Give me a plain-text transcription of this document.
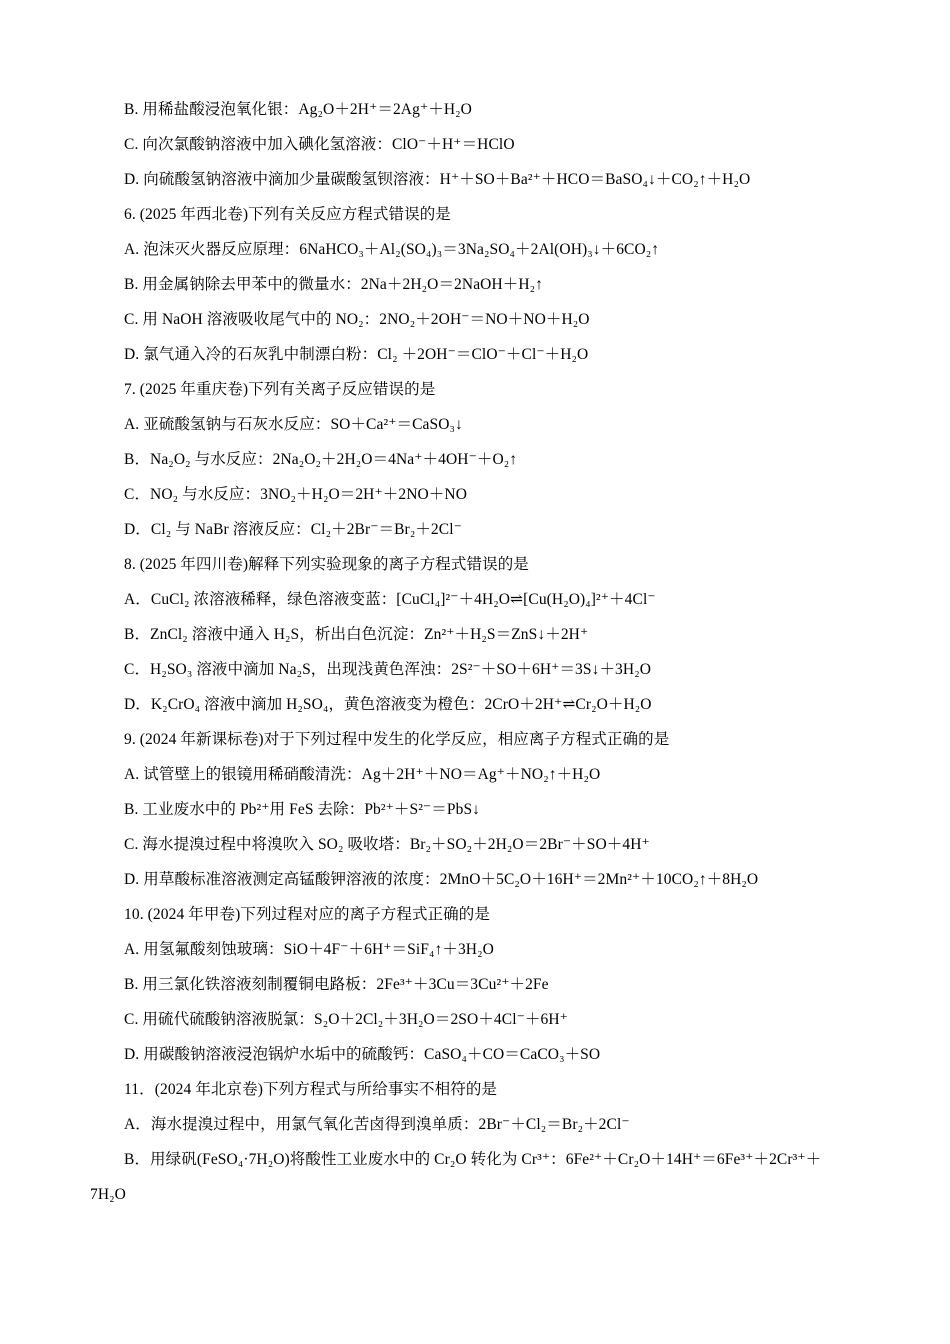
B. 用稀盐酸浸泡氧化银：Ag₂O＋2H⁺＝2Ag⁺＋H₂O
C. 向次氯酸钠溶液中加入碘化氢溶液：ClO⁻＋H⁺＝HClO
D. 向硫酸氢钠溶液中滴加少量碳酸氢钡溶液：H⁺＋SO＋Ba²⁺＋HCO＝BaSO₄↓＋CO₂↑＋H₂O
6. (2025 年西北卷)下列有关反应方程式错误的是
A. 泡沫灭火器反应原理：6NaHCO₃＋Al₂(SO₄)₃＝3Na₂SO₄＋2Al(OH)₃↓＋6CO₂↑
B. 用金属钠除去甲苯中的微量水：2Na＋2H₂O＝2NaOH＋H₂↑
C. 用 NaOH 溶液吸收尾气中的 NO₂：2NO₂＋2OH⁻＝NO＋NO＋H₂O
D. 氯气通入冷的石灰乳中制漂白粉：Cl₂ ＋2OH⁻＝ClO⁻＋Cl⁻＋H₂O
7. (2025 年重庆卷)下列有关离子反应错误的是
A. 亚硫酸氢钠与石灰水反应：SO＋Ca²⁺＝CaSO₃↓
B．Na₂O₂ 与水反应：2Na₂O₂＋2H₂O＝4Na⁺＋4OH⁻＋O₂↑
C．NO₂ 与水反应：3NO₂＋H₂O＝2H⁺＋2NO＋NO
D．Cl₂ 与 NaBr 溶液反应：Cl₂＋2Br⁻＝Br₂＋2Cl⁻
8. (2025 年四川卷)解释下列实验现象的离子方程式错误的是
A．CuCl₂ 浓溶液稀释，绿色溶液变蓝：[CuCl₄]²⁻＋4H₂O⇌[Cu(H₂O)₄]²⁺＋4Cl⁻
B．ZnCl₂ 溶液中通入 H₂S，析出白色沉淀：Zn²⁺＋H₂S＝ZnS↓＋2H⁺
C．H₂SO₃ 溶液中滴加 Na₂S，出现浅黄色浑浊：2S²⁻＋SO＋6H⁺＝3S↓＋3H₂O
D．K₂CrO₄ 溶液中滴加 H₂SO₄，黄色溶液变为橙色：2CrO＋2H⁺⇌Cr₂O＋H₂O
9. (2024 年新课标卷)对于下列过程中发生的化学反应，相应离子方程式正确的是
A. 试管壁上的银镜用稀硝酸清洗：Ag＋2H⁺＋NO＝Ag⁺＋NO₂↑＋H₂O
B. 工业废水中的 Pb²⁺用 FeS 去除：Pb²⁺＋S²⁻＝PbS↓
C. 海水提溴过程中将溴吹入 SO₂ 吸收塔：Br₂＋SO₂＋2H₂O＝2Br⁻＋SO＋4H⁺
D. 用草酸标准溶液测定高锰酸钾溶液的浓度：2MnO＋5C₂O＋16H⁺＝2Mn²⁺＋10CO₂↑＋8H₂O
10. (2024 年甲卷)下列过程对应的离子方程式正确的是
A. 用氢氟酸刻蚀玻璃：SiO＋4F⁻＋6H⁺＝SiF₄↑＋3H₂O
B. 用三氯化铁溶液刻制覆铜电路板：2Fe³⁺＋3Cu＝3Cu²⁺＋2Fe
C. 用硫代硫酸钠溶液脱氯：S₂O＋2Cl₂＋3H₂O＝2SO＋4Cl⁻＋6H⁺
D. 用碳酸钠溶液浸泡锅炉水垢中的硫酸钙：CaSO₄＋CO＝CaCO₃＋SO
11．(2024 年北京卷)下列方程式与所给事实不相符的是
A．海水提溴过程中，用氯气氧化苦卤得到溴单质：2Br⁻＋Cl₂＝Br₂＋2Cl⁻
B．用绿矾(FeSO₄·7H₂O)将酸性工业废水中的 Cr₂O 转化为 Cr³⁺：6Fe²⁺＋Cr₂O＋14H⁺＝6Fe³⁺＋2Cr³⁺＋
7H₂O
